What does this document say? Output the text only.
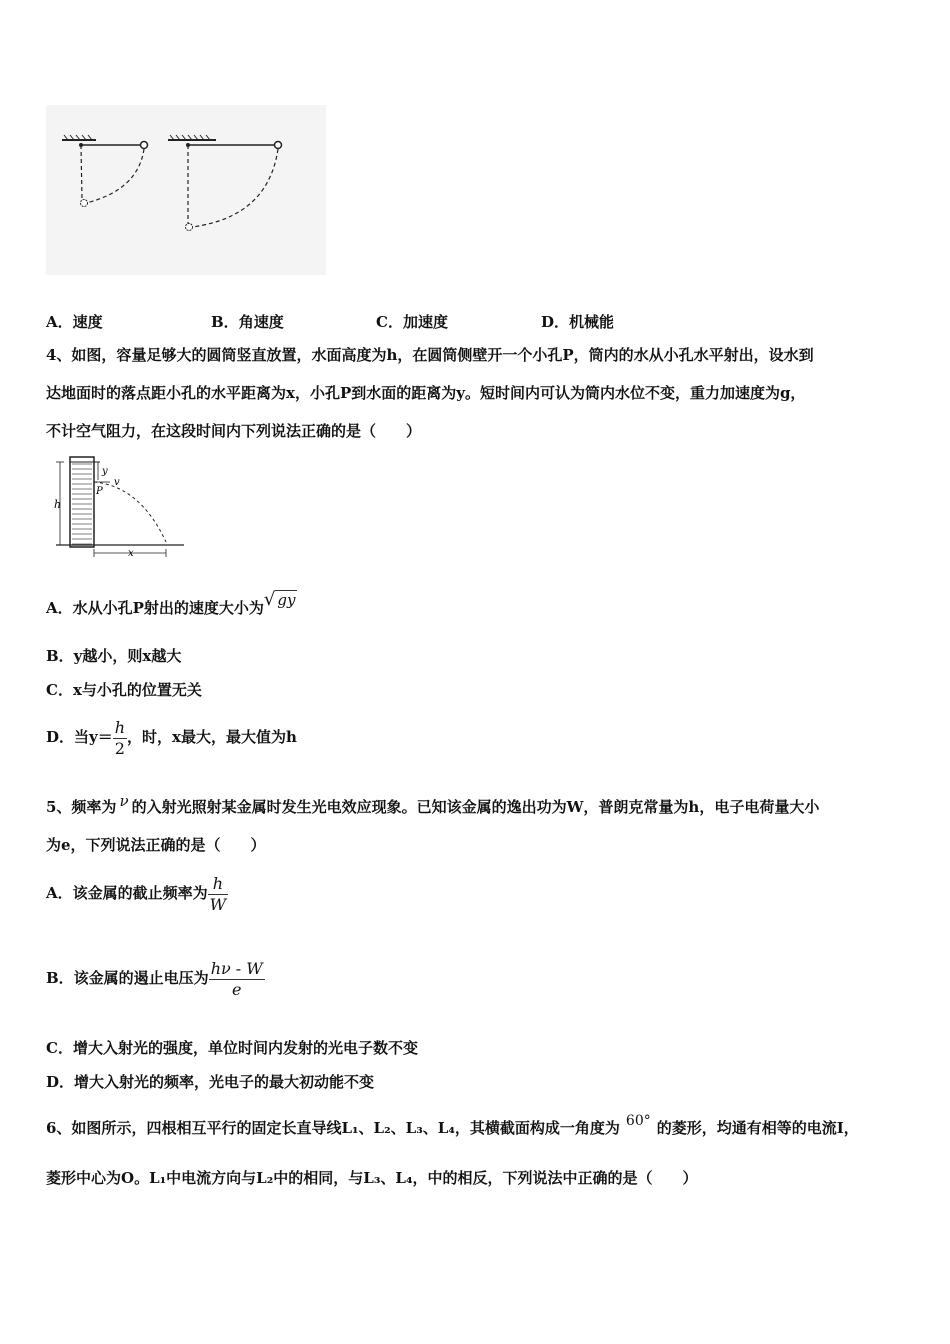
A．速度	B．角速度	C．加速度	D．机械能
4、如图，容量足够大的圆筒竖直放置，水面高度为h，在圆筒侧壁开一个小孔P，筒内的水从小孔水平射出，设水到
达地面时的落点距小孔的水平距离为x，小孔P到水面的距离为y。短时间内可认为筒内水位不变，重力加速度为g，
不计空气阻力，在这段时间内下列说法正确的是（　　）
h
y
P
v
x
A．水从小孔P射出的速度大小为√ gy
B．y越小，则x越大
C．x与小孔的位置无关
D．当$y= \frac{h}{2}$ ，时，x最大，最大值为h
5、频率为 ν 的入射光照射某金属时发生光电效应现象。已知该金属的逸出功为W，普朗克常量为h，电子电荷量大小
为e，下列说法正确的是（　　）
A．该金属的截止频率为 $\frac{h}{W}$
B．该金属的遏止电压为 $\frac{h\nu - W}{e}$
C．增大入射光的强度，单位时间内发射的光电子数不变
D．增大入射光的频率，光电子的最大初动能不变
6、如图所示，四根相互平行的固定长直导线L₁、L₂、L₃、L₄，其横截面构成一角度为 60° 的菱形，均通有相等的电流I，
菱形中心为O。L₁中电流方向与L₂中的相同，与L₃、L₄，中的相反，下列说法中正确的是（　　）
